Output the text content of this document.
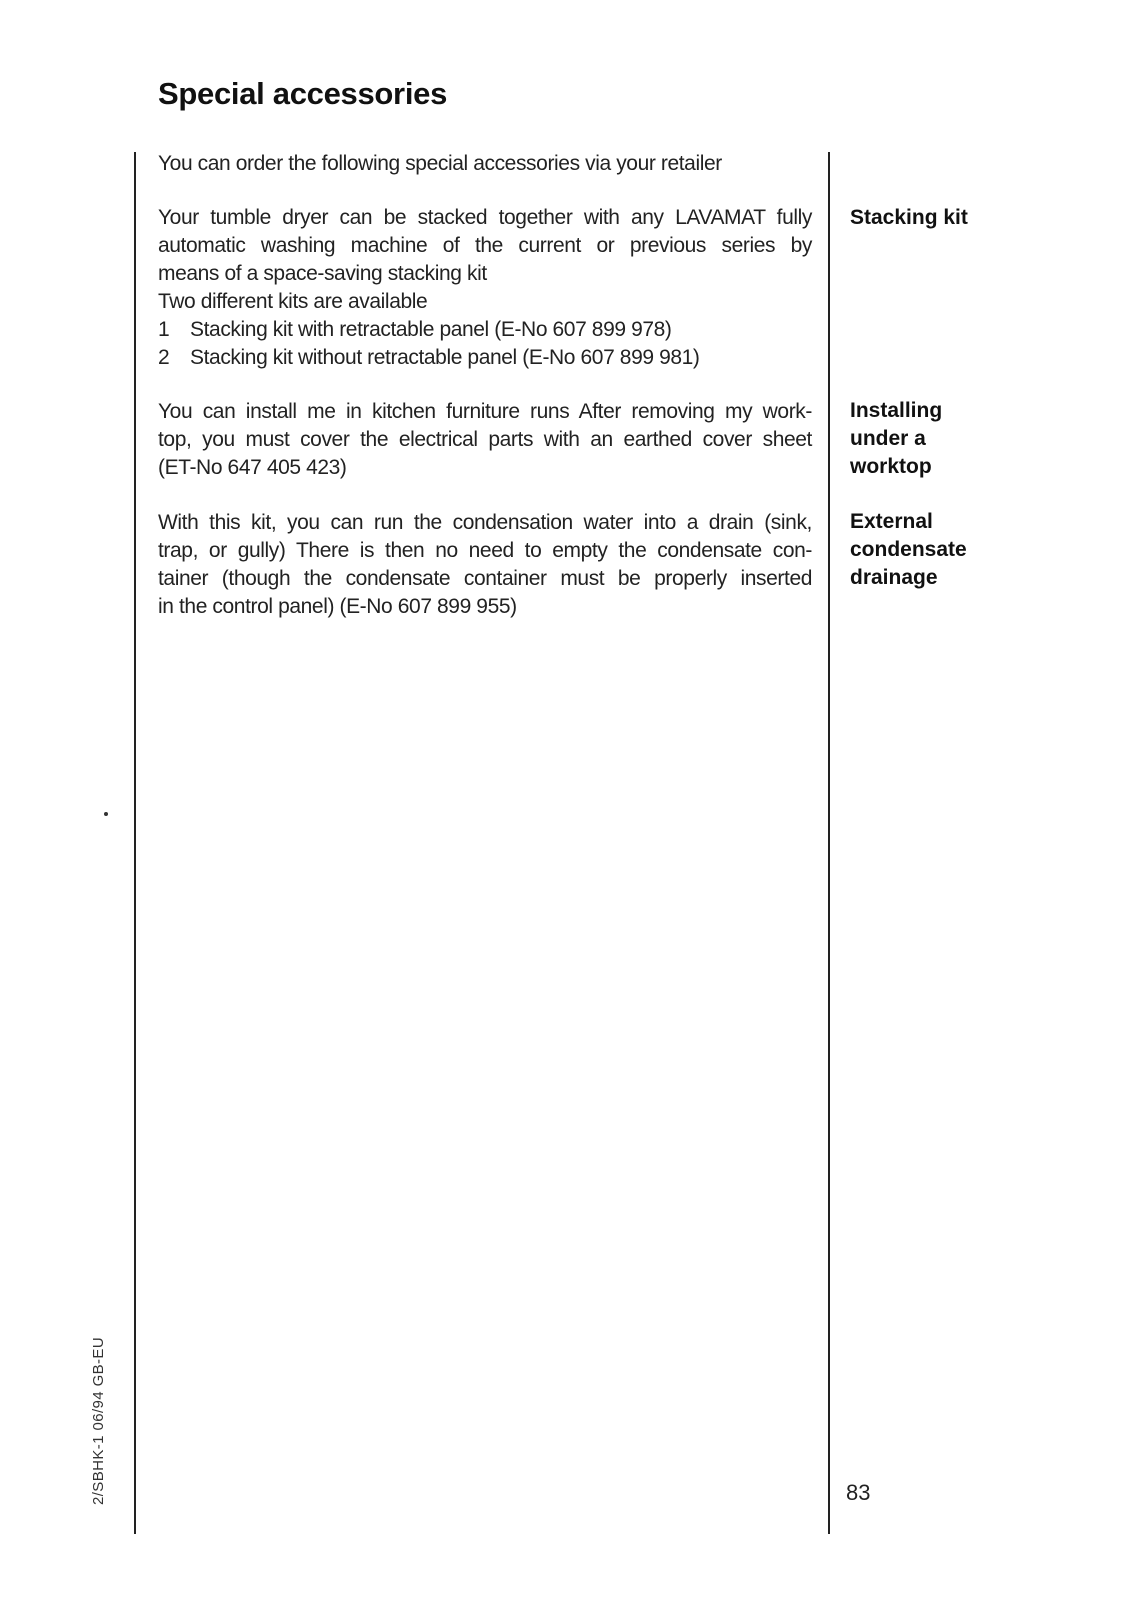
Special accessories

You can order the following special accessories via your retailer

Your tumble dryer can be stacked together with any LAVAMAT fully

automatic washing machine of the current or previous series by

means of a space-saving stacking kit

Two different kits are available

1 Stacking kit with retractable panel (E-No 607 899 978)

2 Stacking kit without retractable panel (E-No 607 899 981)

Stacking kit

You can install me in kitchen furniture runs After removing my work-

top, you must cover the electrical parts with an earthed cover sheet

(ET-No 647 405 423)

Installing
under a
worktop

With this kit, you can run the condensation water into a drain (sink,

trap, or gully) There is then no need to empty the condensate con-

tainer (though the condensate container must be properly inserted

in the control panel) (E-No 607 899 955)

External
condensate
drainage
2/SBHK-1 06/94 GB-EU	83
